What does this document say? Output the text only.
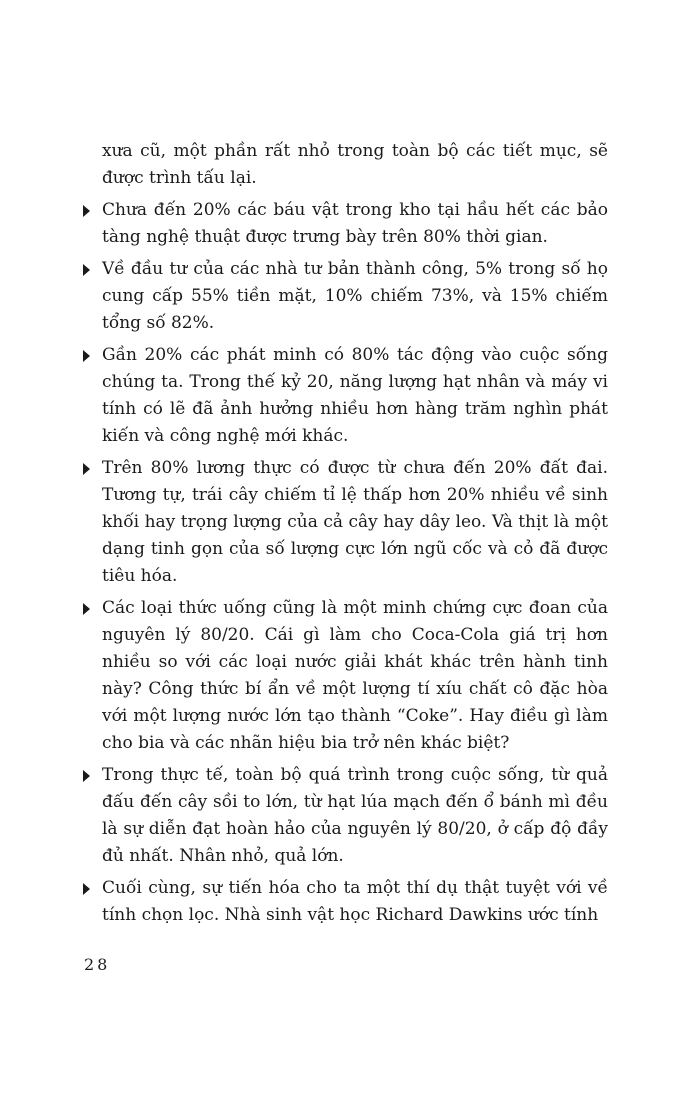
xưa cũ, một phần rất nhỏ trong toàn bộ các tiết mục, sẽ được trình tấu lại.

Chưa đến 20% các báu vật trong kho tại hầu hết các bảo tàng nghệ thuật được trưng bày trên 80% thời gian.

Về đầu tư của các nhà tư bản thành công, 5% trong số họ cung cấp 55% tiền mặt, 10% chiếm 73%, và 15% chiếm tổng số 82%.

Gần 20% các phát minh có 80% tác động vào cuộc sống chúng ta. Trong thế kỷ 20, năng lượng hạt nhân và máy vi tính có lẽ đã ảnh hưởng nhiều hơn hàng trăm nghìn phát kiến và công nghệ mới khác.

Trên 80% lương thực có được từ chưa đến 20% đất đai. Tương tự, trái cây chiếm tỉ lệ thấp hơn 20% nhiều về sinh khối hay trọng lượng của cả cây hay dây leo. Và thịt là một dạng tinh gọn của số lượng cực lớn ngũ cốc và cỏ đã được tiêu hóa.

Các loại thức uống cũng là một minh chứng cực đoan của nguyên lý 80/20. Cái gì làm cho Coca-Cola giá trị hơn nhiều so với các loại nước giải khát khác trên hành tinh này? Công thức bí ẩn về một lượng tí xíu chất cô đặc hòa với một lượng nước lớn tạo thành “Coke”. Hay điều gì làm cho bia và các nhãn hiệu bia trở nên khác biệt?

Trong thực tế, toàn bộ quá trình trong cuộc sống, từ quả đấu đến cây sồi to lớn, từ hạt lúa mạch đến ổ bánh mì đều là sự diễn đạt hoàn hảo của nguyên lý 80/20, ở cấp độ đầy đủ nhất. Nhân nhỏ, quả lớn.

Cuối cùng, sự tiến hóa cho ta một thí dụ thật tuyệt với về tính chọn lọc. Nhà sinh vật học Richard Dawkins ước tính

28
